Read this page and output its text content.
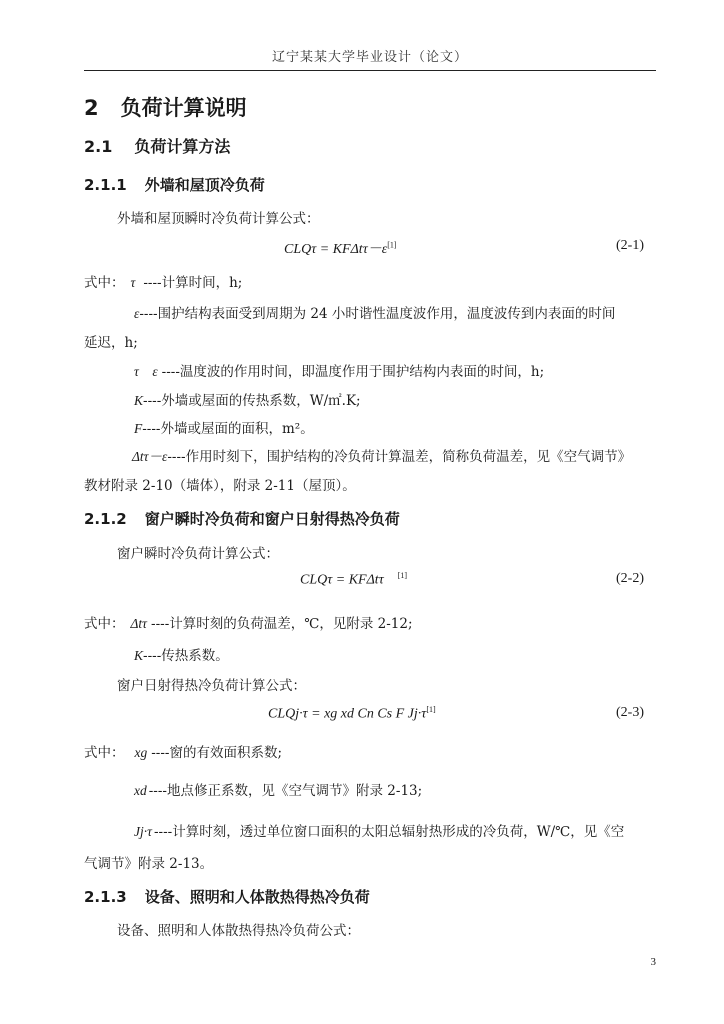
辽宁某某大学毕业设计（论文）
2 负荷计算说明
2.1 负荷计算方法
2.1.1 外墙和屋顶冷负荷
外墙和屋顶瞬时冷负荷计算公式：
CLQτ = KFΔtτ－ε[1]	(2-1)
式中： τ ----计算时间，h;
ε----围护结构表面受到周期为 24 小时谐性温度波作用，温度波传到内表面的时间
延迟，h;
τ　ε ----温度波的作用时间，即温度作用于围护结构内表面的时间，h;
K----外墙或屋面的传热系数，W/㎡.K;
F----外墙或屋面的面积，m²。
Δtτ－ε----作用时刻下，围护结构的冷负荷计算温差，简称负荷温差，见《空气调节》
教材附录 2-10（墙体），附录 2-11（屋顶）。
2.1.2 窗户瞬时冷负荷和窗户日射得热冷负荷
窗户瞬时冷负荷计算公式：
CLQτ = KFΔtτ [1]	(2-2)
式中： Δtτ ----计算时刻的负荷温差，℃，见附录 2-12;
K----传热系数。
窗户日射得热冷负荷计算公式：
CLQj·τ = xg xd Cn Cs F Jj·τ[1]	(2-3)
式中： xg ----窗的有效面积系数;
xd ----地点修正系数，见《空气调节》附录 2-13;
Jj·τ ----计算时刻，透过单位窗口面积的太阳总辐射热形成的冷负荷，W/℃，见《空
气调节》附录 2-13。
2.1.3 设备、照明和人体散热得热冷负荷
设备、照明和人体散热得热冷负荷公式：
3
